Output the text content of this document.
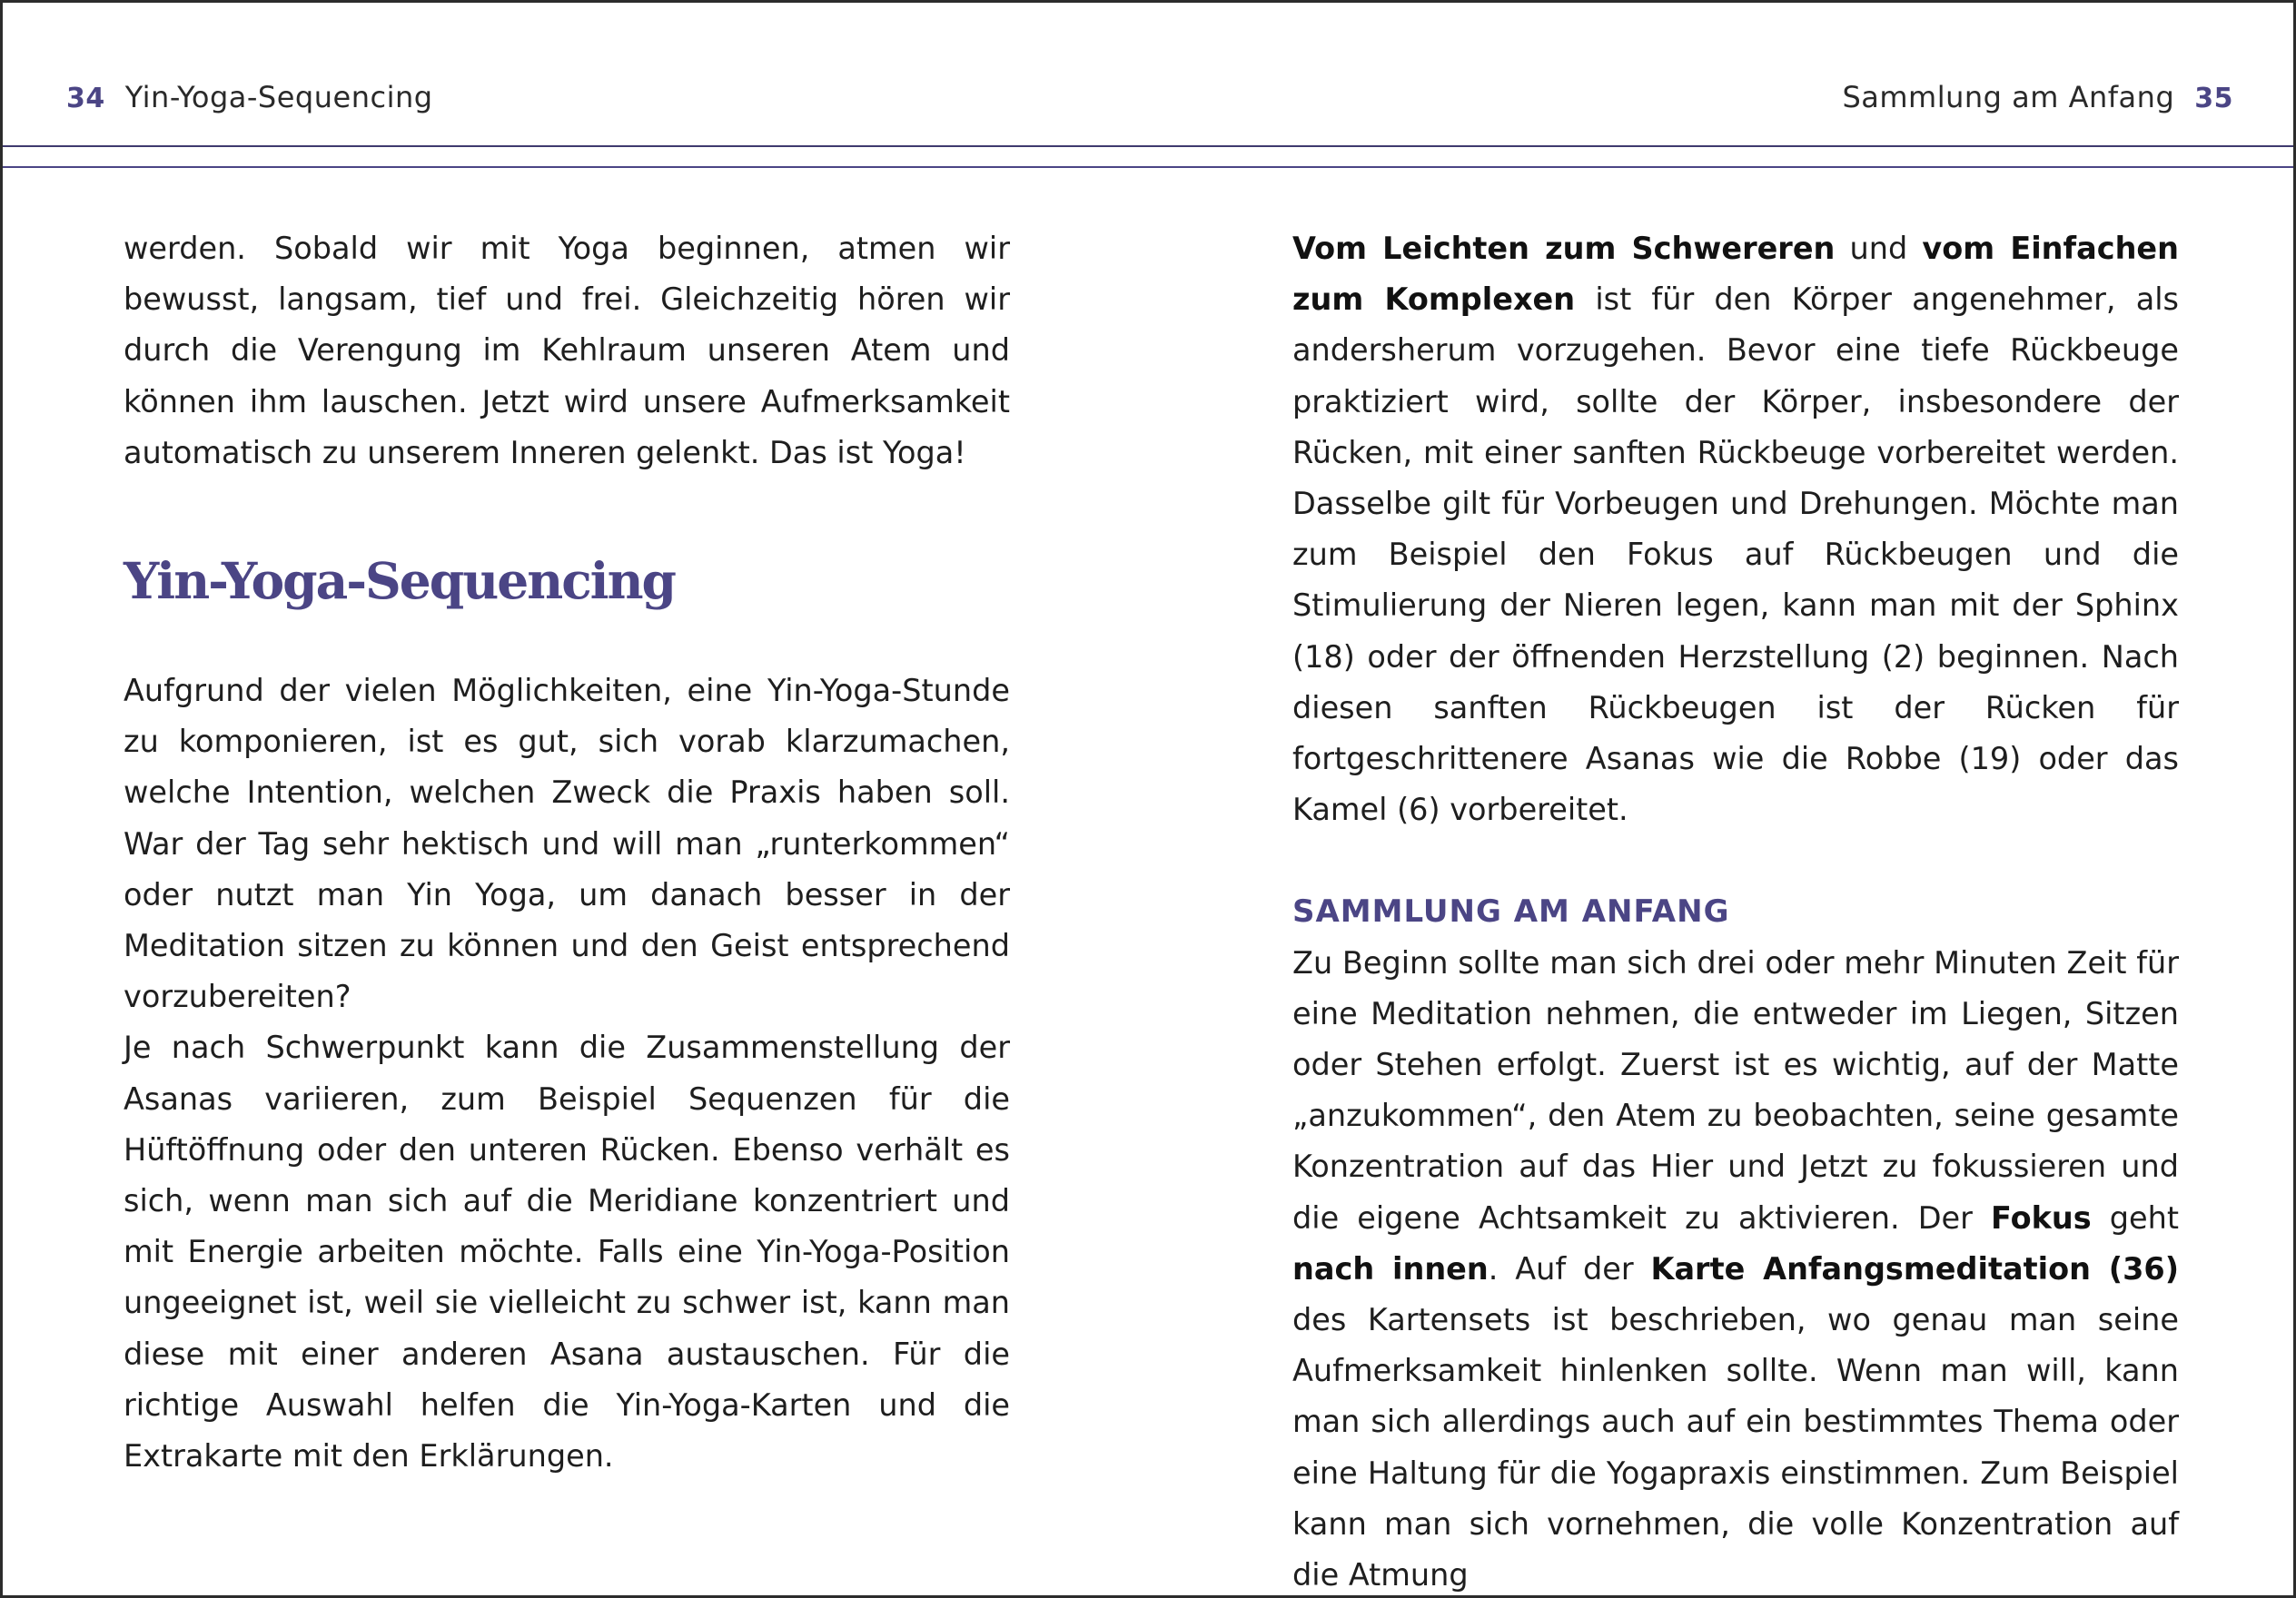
34 Yin-Yoga-Sequencing	Sammlung am Anfang 35

werden. Sobald wir mit Yoga beginnen, atmen wir bewusst, langsam, tief und frei. Gleichzeitig hören wir durch die Verengung im Kehlraum unseren Atem und können ihm lauschen. Jetzt wird unsere Aufmerksamkeit automatisch zu unserem Inneren gelenkt. Das ist Yoga!

Yin-Yoga-Sequencing

Aufgrund der vielen Möglichkeiten, eine Yin-Yoga-Stunde zu komponieren, ist es gut, sich vorab klarzumachen, welche Intention, welchen Zweck die Praxis haben soll. War der Tag sehr hektisch und will man „runterkommen“ oder nutzt man Yin Yoga, um danach besser in der Meditation sitzen zu können und den Geist entsprechend vorzubereiten?

Je nach Schwerpunkt kann die Zusammenstellung der Asanas variieren, zum Beispiel Sequenzen für die Hüftöffnung oder den unteren Rücken. Ebenso verhält es sich, wenn man sich auf die Meridiane konzentriert und mit Energie arbeiten möchte. Falls eine Yin-Yoga-Position ungeeignet ist, weil sie vielleicht zu schwer ist, kann man diese mit einer anderen Asana austauschen. Für die richtige Auswahl helfen die Yin-Yoga-Karten und die Extrakarte mit den Erklärungen.

Vom Leichten zum Schwereren und vom Einfachen zum Komplexen ist für den Körper angenehmer, als andersherum vorzugehen. Bevor eine tiefe Rückbeuge praktiziert wird, sollte der Körper, insbesondere der Rücken, mit einer sanften Rückbeuge vorbereitet werden. Dasselbe gilt für Vorbeugen und Drehungen. Möchte man zum Beispiel den Fokus auf Rückbeugen und die Stimulierung der Nieren legen, kann man mit der Sphinx (18) oder der öffnenden Herzstellung (2) beginnen. Nach diesen sanften Rückbeugen ist der Rücken für fortgeschrittenere Asanas wie die Robbe (19) oder das Kamel (6) vorbereitet.

SAMMLUNG AM ANFANG

Zu Beginn sollte man sich drei oder mehr Minuten Zeit für eine Meditation nehmen, die entweder im Liegen, Sitzen oder Stehen erfolgt. Zuerst ist es wichtig, auf der Matte „anzukommen“, den Atem zu beobachten, seine gesamte Konzentration auf das Hier und Jetzt zu fokussieren und die eigene Achtsamkeit zu aktivieren. Der Fokus geht nach innen. Auf der Karte Anfangsmeditation (36) des Kartensets ist beschrieben, wo genau man seine Aufmerksamkeit hinlenken sollte. Wenn man will, kann man sich allerdings auch auf ein bestimmtes Thema oder eine Haltung für die Yogapraxis einstimmen. Zum Beispiel kann man sich vornehmen, die volle Konzentration auf die Atmung
